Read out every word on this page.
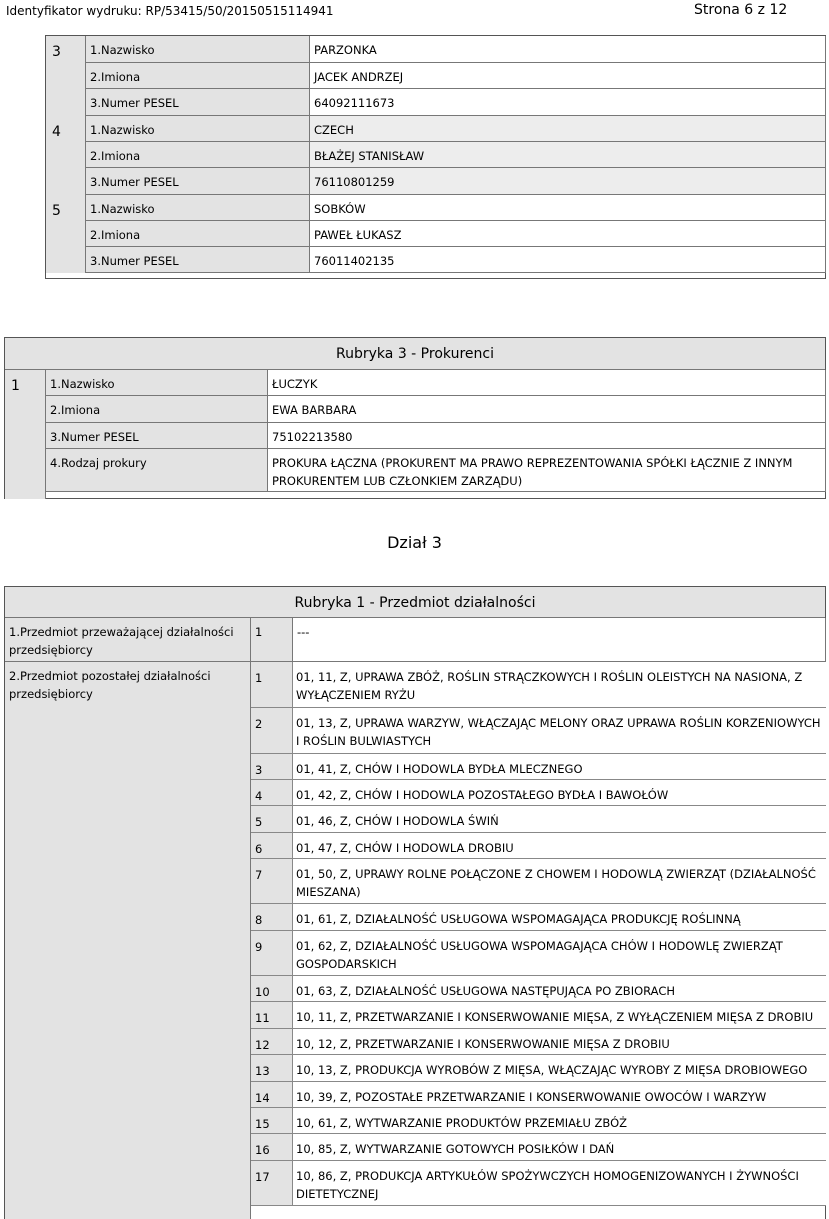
Identyfikator wydruku: RP/53415/50/20150515114941	Strona 6 z 12
3	1.Nazwisko	PARZONKA
2.Imiona	JACEK ANDRZEJ
3.Numer PESEL	64092111673
4	1.Nazwisko	CZECH
2.Imiona	BŁAŻEJ STANISŁAW
3.Numer PESEL	76110801259
5	1.Nazwisko	SOBKÓW
2.Imiona	PAWEŁ ŁUKASZ
3.Numer PESEL	76011402135
Rubryka 3 - Prokurenci
1	1.Nazwisko	ŁUCZYK
2.Imiona	EWA BARBARA
3.Numer PESEL	75102213580
4.Rodzaj prokury	PROKURA ŁĄCZNA (PROKURENT MA PRAWO REPREZENTOWANIA SPÓŁKI ŁĄCZNIE Z INNYM PROKURENTEM LUB CZŁONKIEM ZARZĄDU)
Dział 3
Rubryka 1 - Przedmiot działalności
1.Przedmiot przeważającej działalności przedsiębiorcy
1	---
2.Przedmiot pozostałej działalności przedsiębiorcy
1	01, 11, Z, UPRAWA ZBÓŻ, ROŚLIN STRĄCZKOWYCH I ROŚLIN OLEISTYCH NA NASIONA, Z WYŁĄCZENIEM RYŻU
2	01, 13, Z, UPRAWA WARZYW, WŁĄCZAJĄC MELONY ORAZ UPRAWA ROŚLIN KORZENIOWYCH I ROŚLIN BULWIASTYCH
3	01, 41, Z, CHÓW I HODOWLA BYDŁA MLECZNEGO
4	01, 42, Z, CHÓW I HODOWLA POZOSTAŁEGO BYDŁA I BAWOŁÓW
5	01, 46, Z, CHÓW I HODOWLA ŚWIŃ
6	01, 47, Z, CHÓW I HODOWLA DROBIU
7	01, 50, Z, UPRAWY ROLNE POŁĄCZONE Z CHOWEM I HODOWLĄ ZWIERZĄT (DZIAŁALNOŚĆ MIESZANA)
8	01, 61, Z, DZIAŁALNOŚĆ USŁUGOWA WSPOMAGAJĄCA PRODUKCJĘ ROŚLINNĄ
9	01, 62, Z, DZIAŁALNOŚĆ USŁUGOWA WSPOMAGAJĄCA CHÓW I HODOWLĘ ZWIERZĄT GOSPODARSKICH
10	01, 63, Z, DZIAŁALNOŚĆ USŁUGOWA NASTĘPUJĄCA PO ZBIORACH
11	10, 11, Z, PRZETWARZANIE I KONSERWOWANIE MIĘSA, Z WYŁĄCZENIEM MIĘSA Z DROBIU
12	10, 12, Z, PRZETWARZANIE I KONSERWOWANIE MIĘSA Z DROBIU
13	10, 13, Z, PRODUKCJA WYROBÓW Z MIĘSA, WŁĄCZAJĄC WYROBY Z MIĘSA DROBIOWEGO
14	10, 39, Z, POZOSTAŁE PRZETWARZANIE I KONSERWOWANIE OWOCÓW I WARZYW
15	10, 61, Z, WYTWARZANIE PRODUKTÓW PRZEMIAŁU ZBÓŻ
16	10, 85, Z, WYTWARZANIE GOTOWYCH POSIŁKÓW I DAŃ
17	10, 86, Z, PRODUKCJA ARTYKUŁÓW SPOŻYWCZYCH HOMOGENIZOWANYCH I ŻYWNOŚCI DIETETYCZNEJ
